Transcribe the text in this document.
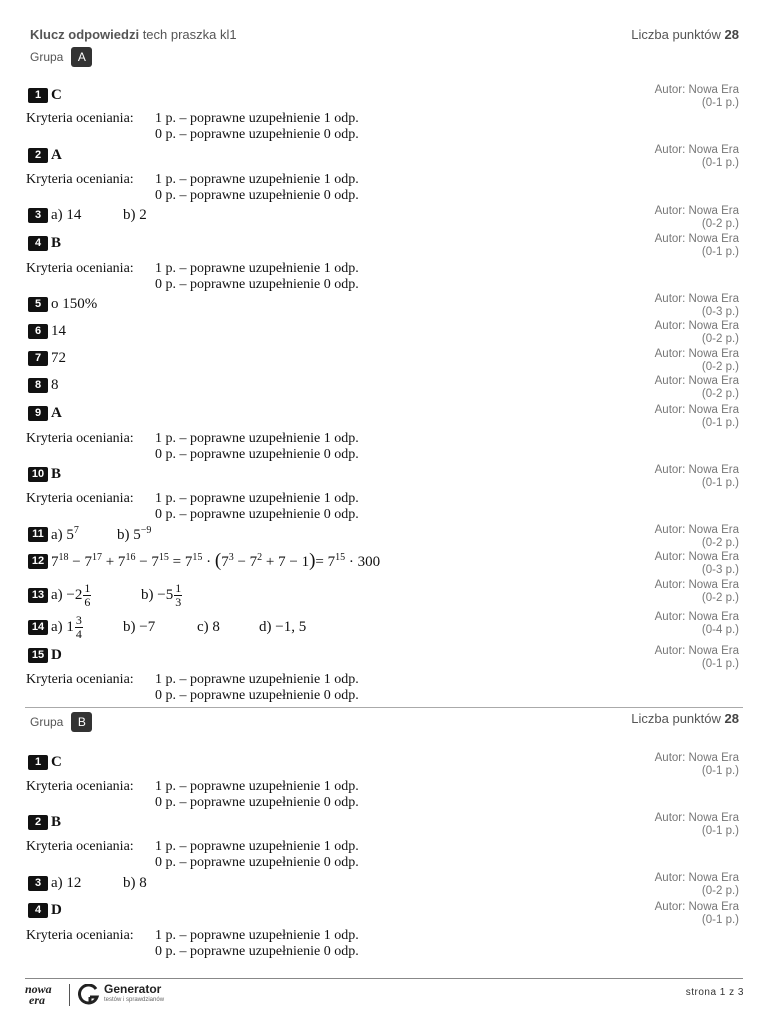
Klucz odpowiedzi tech praszka kl1	Liczba punktów 28
Grupa	A
1 C	Autor: Nowa Era
(0-1 p.)
Kryteria oceniania:	1 p. – poprawne uzupełnienie 1 odp.
0 p. – poprawne uzupełnienie 0 odp.
2 A	Autor: Nowa Era
(0-1 p.)
Kryteria oceniania:	1 p. – poprawne uzupełnienie 1 odp.
0 p. – poprawne uzupełnienie 0 odp.
3 a) 14	b) 2	Autor: Nowa Era
(0-2 p.)
4 B	Autor: Nowa Era
(0-1 p.)
Kryteria oceniania:	1 p. – poprawne uzupełnienie 1 odp.
0 p. – poprawne uzupełnienie 0 odp.
5 o 150%	Autor: Nowa Era
(0-3 p.)
6 14	Autor: Nowa Era
(0-2 p.)
7 72	Autor: Nowa Era
(0-2 p.)
8 8	Autor: Nowa Era
(0-2 p.)
9 A	Autor: Nowa Era
(0-1 p.)
Kryteria oceniania:	1 p. – poprawne uzupełnienie 1 odp.
0 p. – poprawne uzupełnienie 0 odp.
10 B	Autor: Nowa Era
(0-1 p.)
Kryteria oceniania:	1 p. – poprawne uzupełnienie 1 odp.
0 p. – poprawne uzupełnienie 0 odp.
11 a) $5^7$	b) $5^{-9}$	Autor: Nowa Era
(0-2 p.)
12 $7^{18} - 7^{17} + 7^{16} - 7^{15} = 7^{15} \cdot (7^3 - 7^2 + 7 - 1)= 7^{15} \cdot 300$	Autor: Nowa Era
(0-3 p.)
13 $a) -2 \frac{1}{6}$	$b) -5 \frac{1}{3}$	Autor: Nowa Era
(0-2 p.)
14 a) $1 \frac{3}{4}$	b) −7	c) 8	d) −1, 5
Autor: Nowa Era
(0-4 p.)
15 D	Autor: Nowa Era
(0-1 p.)
Kryteria oceniania:	1 p. – poprawne uzupełnienie 1 odp.
0 p. – poprawne uzupełnienie 0 odp.
Grupa	B	Liczba punktów 28
1 C	Autor: Nowa Era
(0-1 p.)
Kryteria oceniania:	1 p. – poprawne uzupełnienie 1 odp.
0 p. – poprawne uzupełnienie 0 odp.
2 B	Autor: Nowa Era
(0-1 p.)
Kryteria oceniania:	1 p. – poprawne uzupełnienie 1 odp.
0 p. – poprawne uzupełnienie 0 odp.
3 a) 12	b) 8	Autor: Nowa Era
(0-2 p.)
4 D	Autor: Nowa Era
(0-1 p.)
Kryteria oceniania:	1 p. – poprawne uzupełnienie 1 odp.
0 p. – poprawne uzupełnienie 0 odp.
nowa
era
Generator
testów i sprawdzianów
strona 1 z 3
